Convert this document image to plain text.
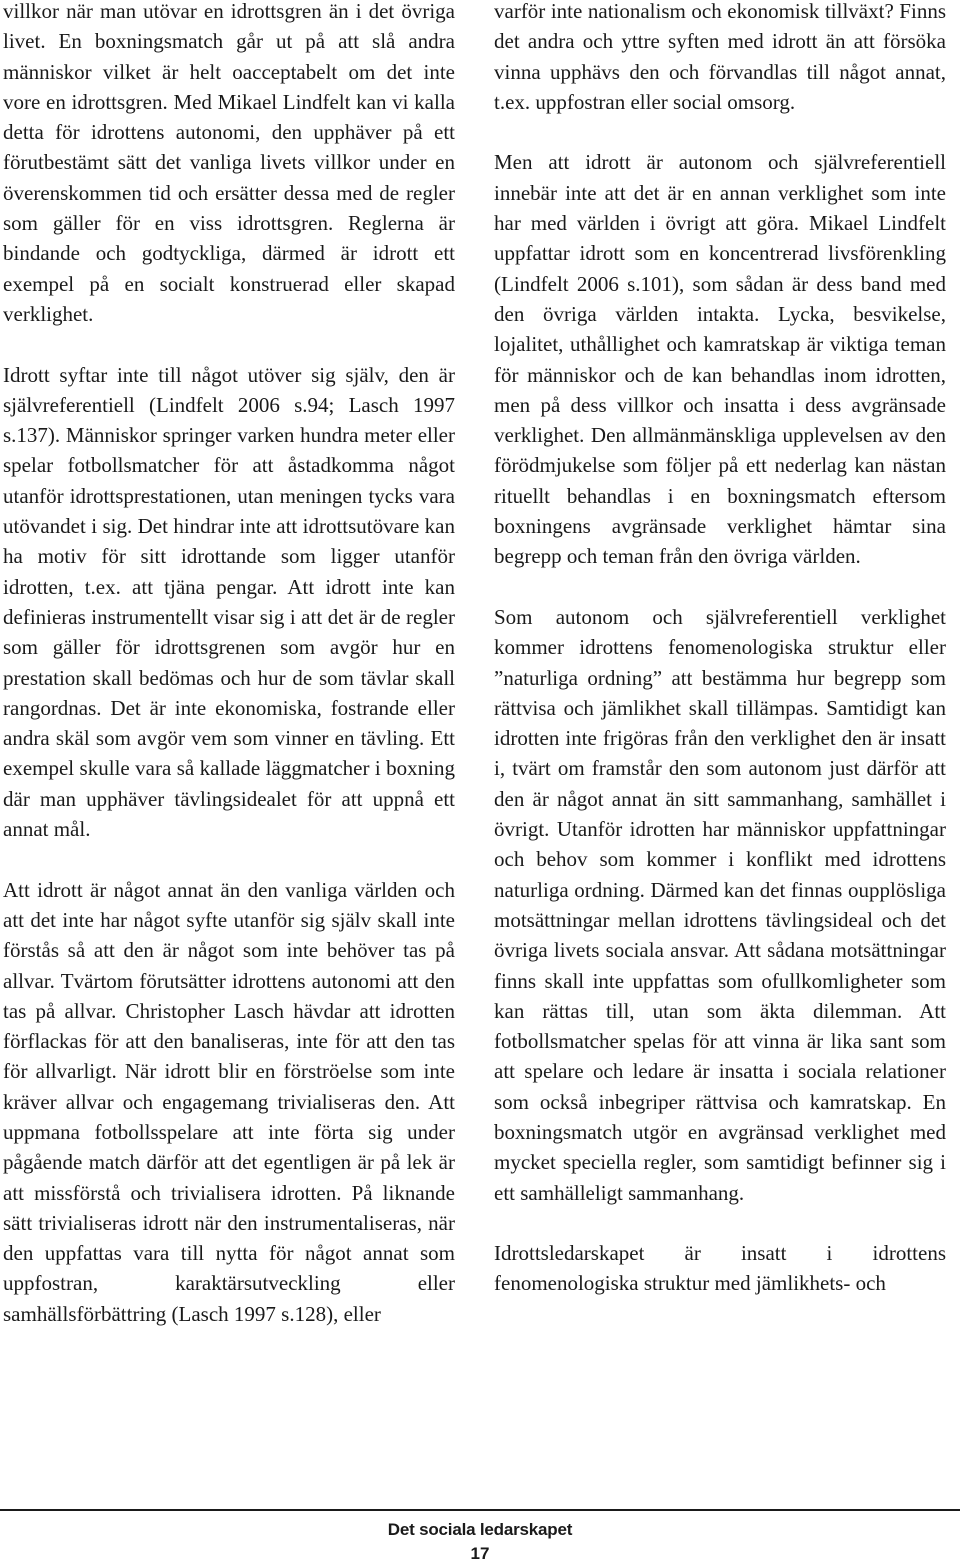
villkor när man utövar en idrottsgren än i det övriga livet. En boxningsmatch går ut på att slå andra människor vilket är helt oacceptabelt om det inte vore en idrottsgren. Med Mikael Lindfelt kan vi kalla detta för idrottens autonomi, den upphäver på ett förutbestämt sätt det vanliga livets villkor under en överenskommen tid och ersätter dessa med de regler som gäller för en viss idrottsgren. Reglerna är bindande och godtyckliga, därmed är idrott ett exempel på en socialt konstruerad eller skapad verklighet.

Idrott syftar inte till något utöver sig själv, den är självreferentiell (Lindfelt 2006 s.94; Lasch 1997 s.137). Människor springer varken hundra meter eller spelar fotbollsmatcher för att åstadkomma något utanför idrottsprestationen, utan meningen tycks vara utövandet i sig. Det hindrar inte att idrottsutövare kan ha motiv för sitt idrottande som ligger utanför idrotten, t.ex. att tjäna pengar. Att idrott inte kan definieras instrumentellt visar sig i att det är de regler som gäller för idrottsgrenen som avgör hur en prestation skall bedömas och hur de som tävlar skall rangordnas. Det är inte ekonomiska, fostrande eller andra skäl som avgör vem som vinner en tävling. Ett exempel skulle vara så kallade läggmatcher i boxning där man upphäver tävlingsidealet för att uppnå ett annat mål.

Att idrott är något annat än den vanliga världen och att det inte har något syfte utanför sig själv skall inte förstås så att den är något som inte behöver tas på allvar. Tvärtom förutsätter idrottens autonomi att den tas på allvar. Christopher Lasch hävdar att idrotten förflackas för att den banaliseras, inte för att den tas för allvarligt. När idrott blir en förströelse som inte kräver allvar och engagemang trivialiseras den. Att uppmana fotbollsspelare att inte förta sig under pågående match därför att det egentligen är på lek är att missförstå och trivialisera idrotten. På liknande sätt trivialiseras idrott när den instrumentaliseras, när den uppfattas vara till nytta för något annat som uppfostran, karaktärsutveckling eller samhällsförbättring (Lasch 1997 s.128), eller

varför inte nationalism och ekonomisk tillväxt? Finns det andra och yttre syften med idrott än att försöka vinna upphävs den och förvandlas till något annat, t.ex. uppfostran eller social omsorg.

Men att idrott är autonom och självreferentiell innebär inte att det är en annan verklighet som inte har med världen i övrigt att göra. Mikael Lindfelt uppfattar idrott som en koncentrerad livsförenkling (Lindfelt 2006 s.101), som sådan är dess band med den övriga världen intakta. Lycka, besvikelse, lojalitet, uthållighet och kamratskap är viktiga teman för människor och de kan behandlas inom idrotten, men på dess villkor och insatta i dess avgränsade verklighet. Den allmänmänskliga upplevelsen av den förödmjukelse som följer på ett nederlag kan nästan rituellt behandlas i en boxningsmatch eftersom boxningens avgränsade verklighet hämtar sina begrepp och teman från den övriga världen.

Som autonom och självreferentiell verklighet kommer idrottens fenomenologiska struktur eller ”naturliga ordning” att bestämma hur begrepp som rättvisa och jämlikhet skall tillämpas. Samtidigt kan idrotten inte frigöras från den verklighet den är insatt i, tvärt om framstår den som autonom just därför att den är något annat än sitt sammanhang, samhället i övrigt. Utanför idrotten har människor uppfattningar och behov som kommer i konflikt med idrottens naturliga ordning. Därmed kan det finnas oupplösliga motsättningar mellan idrottens tävlingsideal och det övriga livets sociala ansvar. Att sådana motsättningar finns skall inte uppfattas som ofullkomligheter som kan rättas till, utan som äkta dilemman. Att fotbollsmatcher spelas för att vinna är lika sant som att spelare och ledare är insatta i sociala relationer som också inbegriper rättvisa och kamratskap. En boxningsmatch utgör en avgränsad verklighet med mycket speciella regler, som samtidigt befinner sig i ett samhälleligt sammanhang.

Idrottsledarskapet är insatt i idrottens fenomenologiska struktur med jämlikhets- och

Det sociala ledarskapet
17
